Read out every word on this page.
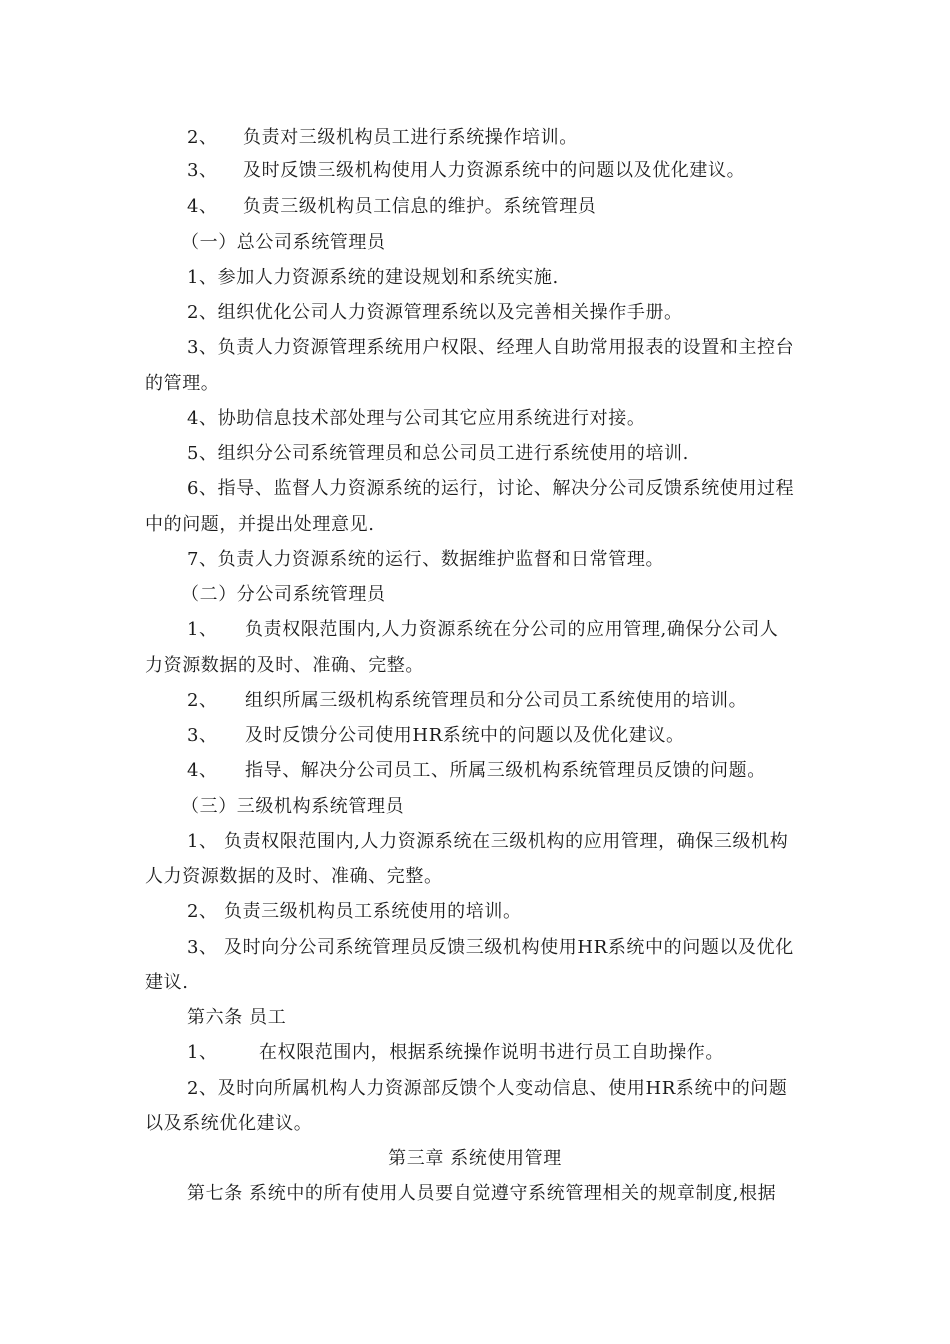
2、 负责对三级机构员工进行系统操作培训。
3、 及时反馈三级机构使用人力资源系统中的问题以及优化建议。
4、 负责三级机构员工信息的维护。系统管理员
（一）总公司系统管理员
1、参加人力资源系统的建设规划和系统实施.
2、组织优化公司人力资源管理系统以及完善相关操作手册。
3、负责人力资源管理系统用户权限、经理人自助常用报表的设置和主控台
的管理。
4、协助信息技术部处理与公司其它应用系统进行对接。
5、组织分公司系统管理员和总公司员工进行系统使用的培训.
6、指导、监督人力资源系统的运行，讨论、解决分公司反馈系统使用过程
中的问题，并提出处理意见.
7、负责人力资源系统的运行、数据维护监督和日常管理。
（二）分公司系统管理员
1、 负责权限范围内,人力资源系统在分公司的应用管理,确保分公司人
力资源数据的及时、准确、完整。
2、 组织所属三级机构系统管理员和分公司员工系统使用的培训。
3、 及时反馈分公司使用HR系统中的问题以及优化建议。
4、 指导、解决分公司员工、所属三级机构系统管理员反馈的问题。
（三）三级机构系统管理员
1、 负责权限范围内,人力资源系统在三级机构的应用管理，确保三级机构
人力资源数据的及时、准确、完整。
2、 负责三级机构员工系统使用的培训。
3、 及时向分公司系统管理员反馈三级机构使用HR系统中的问题以及优化
建议.
第六条 员工
1、 在权限范围内，根据系统操作说明书进行员工自助操作。
2、及时向所属机构人力资源部反馈个人变动信息、使用HR系统中的问题
以及系统优化建议。
第三章 系统使用管理
第七条 系统中的所有使用人员要自觉遵守系统管理相关的规章制度,根据
